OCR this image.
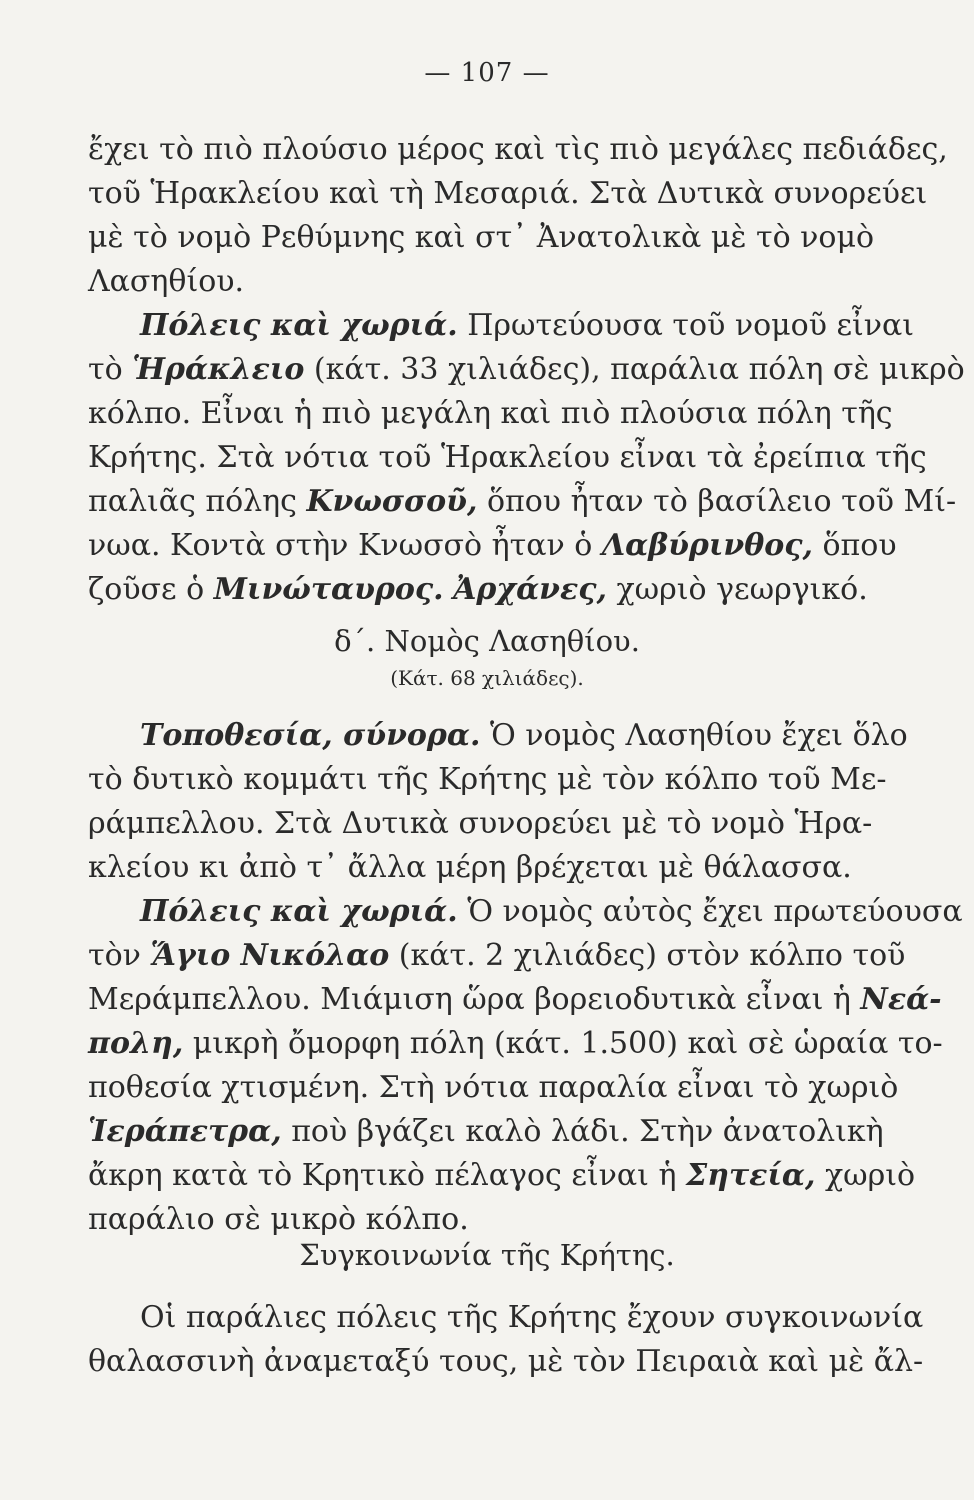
— 107 —
ἔχει τὸ πιὸ πλούσιο μέρος καὶ τὶς πιὸ μεγάλες πεδιάδες,
τοῦ Ἡρακλείου καὶ τὴ Μεσαριά. Στὰ Δυτικὰ συνορεύει
μὲ τὸ νομὸ Ρεθύμνης καὶ στ᾽ Ἀνατολικὰ μὲ τὸ νομὸ
Λασηθίου.
Πόλεις καὶ χωριά. Πρωτεύουσα τοῦ νομοῦ εἶναι
τὸ Ἡράκλειο (κάτ. 33 χιλιάδες), παράλια πόλη σὲ μικρὸ
κόλπο. Εἶναι ἡ πιὸ μεγάλη καὶ πιὸ πλούσια πόλη τῆς
Κρήτης. Στὰ νότια τοῦ Ἡρακλείου εἶναι τὰ ἐρείπια τῆς
παλιᾶς πόλης Κνωσσοῦ, ὅπου ἦταν τὸ βασίλειο τοῦ Μί-
νωα. Κοντὰ στὴν Κνωσσὸ ἦταν ὁ Λαβύρινθος, ὅπου
ζοῦσε ὁ Μινώταυρος. Ἀρχάνες, χωριὸ γεωργικό.
δ΄. Νομὸς Λασηθίου.
(Κάτ. 68 χιλιάδες).
Τοποθεσία, σύνορα. Ὁ νομὸς Λασηθίου ἔχει ὅλο
τὸ δυτικὸ κομμάτι τῆς Κρήτης μὲ τὸν κόλπο τοῦ Με-
ράμπελλου. Στὰ Δυτικὰ συνορεύει μὲ τὸ νομὸ Ἡρα-
κλείου κι ἀπὸ τ᾽ ἄλλα μέρη βρέχεται μὲ θάλασσα.
Πόλεις καὶ χωριά. Ὁ νομὸς αὐτὸς ἔχει πρωτεύουσα
τὸν Ἅγιο Νικόλαο (κάτ. 2 χιλιάδες) στὸν κόλπο τοῦ
Μεράμπελλου. Μιάμιση ὥρα βορειοδυτικὰ εἶναι ἡ Νεά-
πολη, μικρὴ ὄμορφη πόλη (κάτ. 1.500) καὶ σὲ ὡραία το-
ποθεσία χτισμένη. Στὴ νότια παραλία εἶναι τὸ χωριὸ
Ἱεράπετρα, ποὺ βγάζει καλὸ λάδι. Στὴν ἀνατολικὴ
ἄκρη κατὰ τὸ Κρητικὸ πέλαγος εἶναι ἡ Σητεία, χωριὸ
παράλιο σὲ μικρὸ κόλπο.
Συγκοινωνία τῆς Κρήτης.
Οἱ παράλιες πόλεις τῆς Κρήτης ἔχουν συγκοινωνία
θαλασσινὴ ἀναμεταξύ τους, μὲ τὸν Πειραιὰ καὶ μὲ ἄλ-
